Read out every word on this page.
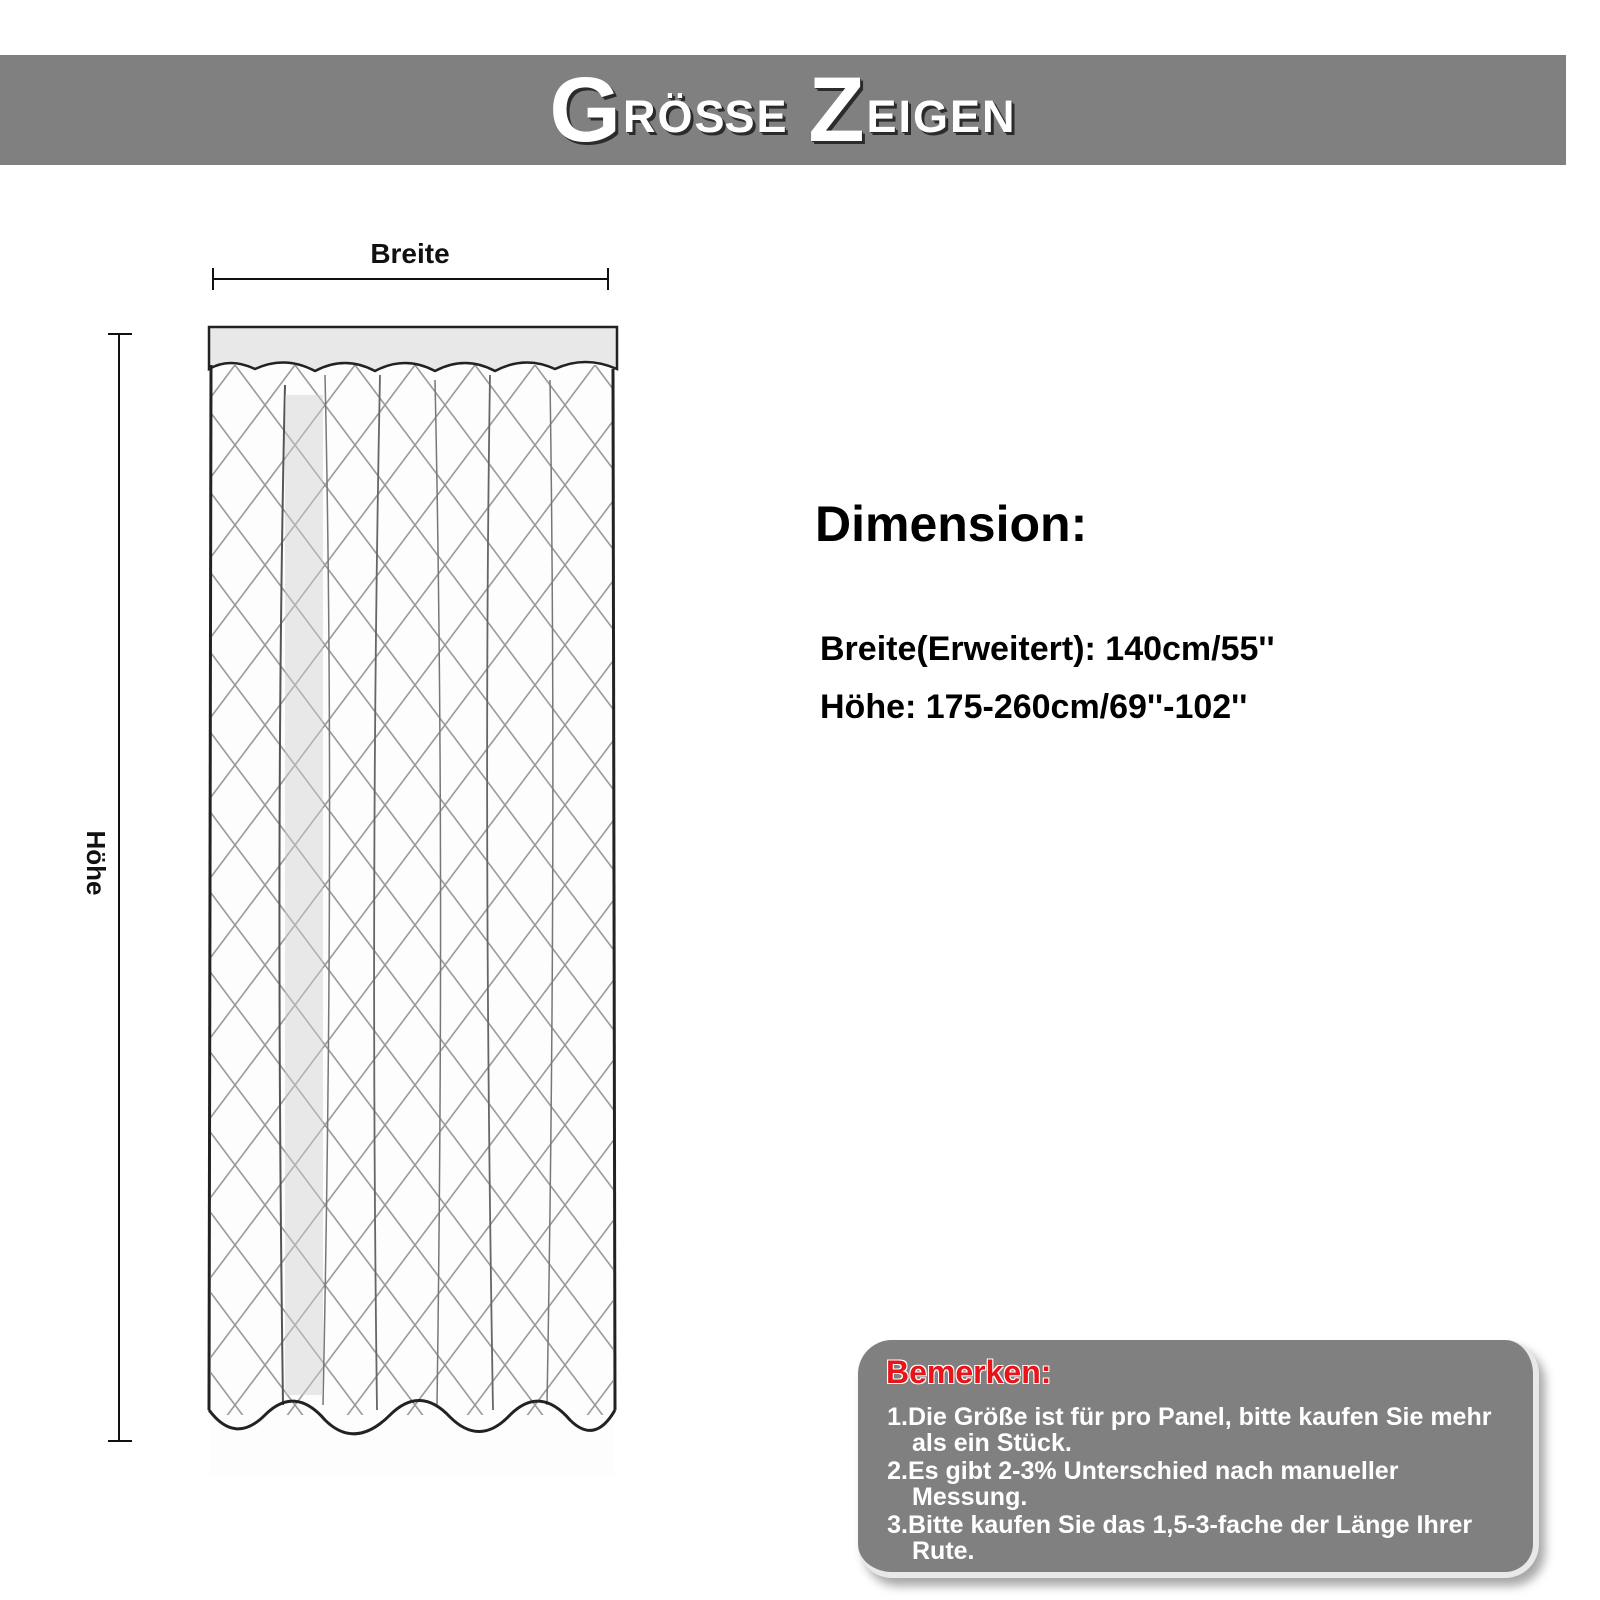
G röße
Z eigen
Breite
Höhe
Dimension:
Breite(Erweitert): 140cm/55''
Höhe: 175-260cm/69''-102''
Bemerken:
1.Die Größe ist für pro Panel, bitte kaufen Sie mehr
als ein Stück.
2.Es gibt 2-3% Unterschied nach manueller
Messung.
3.Bitte kaufen Sie das 1,5-3-fache der Länge Ihrer
Rute.
